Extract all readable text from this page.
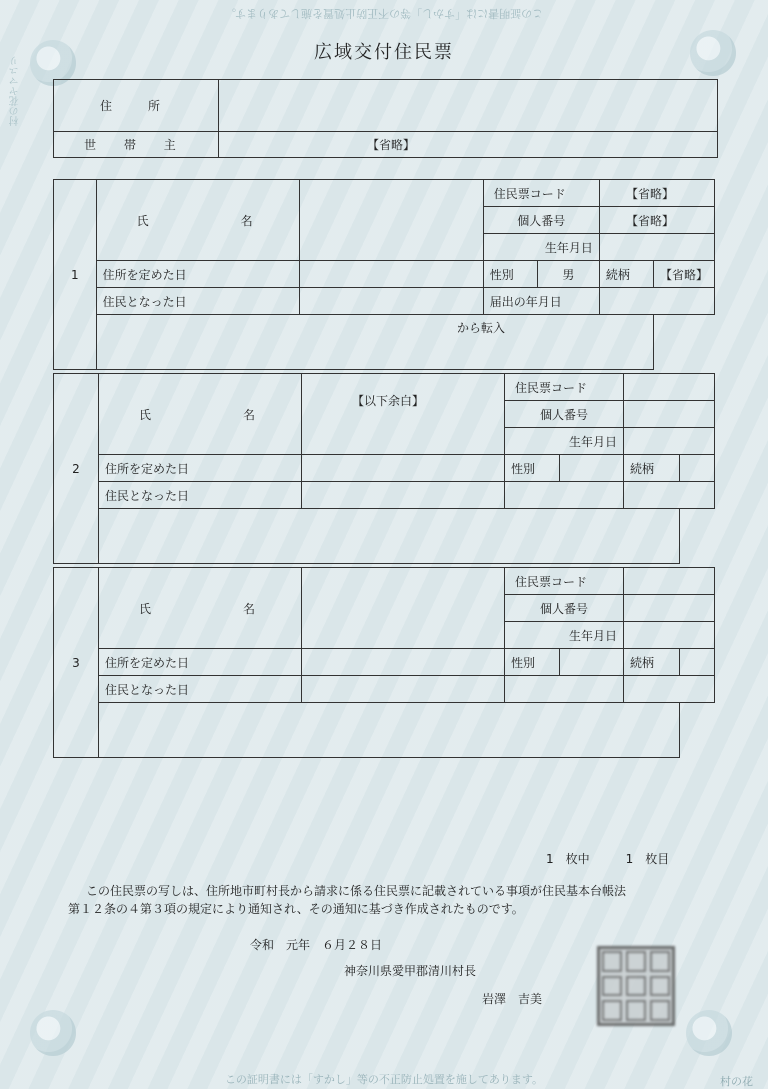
この証明書には「すかし」等の不正防止処置を施してあります。
村の花ヤマユリ
広域交付住民票
住　所	
世 帯 主	【省略】
1	氏　名		住民票コード		【省略】	
			個人番号		【省略】	
			生年月日			
	住所を定めた日		性別	男	続柄	【省略】
	住民となった日		届出の年月日			
	から転入					
2	氏　名	【以下余白】	住民票コード			
			個人番号			
			生年月日			
	住所を定めた日		性別		続柄	
	住民となった日					

3	氏　名		住民票コード			
			個人番号			
			生年月日			
	住所を定めた日		性別		続柄	
	住民となった日					

1　枚中　　　1　枚目
この住民票の写しは、住所地市町村長から請求に係る住民票に記載されている事項が住民基本台帳法
第１２条の４第３項の規定により通知され、その通知に基づき作成されたものです。
令和　元年　６月２８日
神奈川県愛甲郡清川村長
岩澤　吉美
村の花
この証明書には「すかし」等の不正防止処置を施してあります。
